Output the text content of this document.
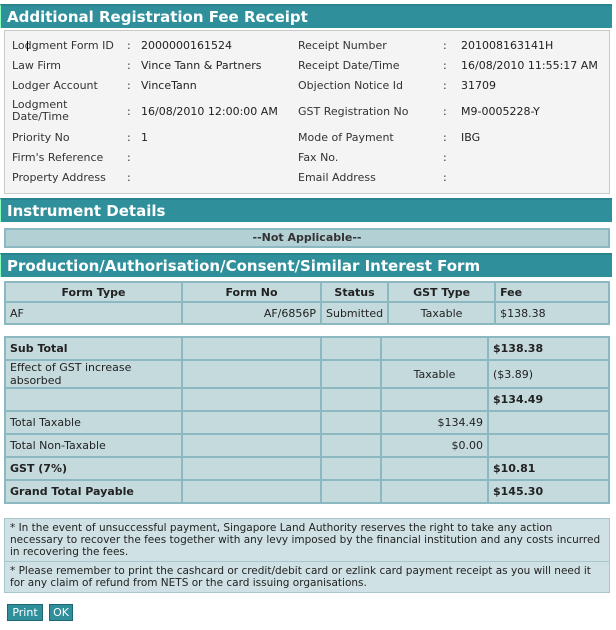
Additional Registration Fee Receipt
Lodgment Form ID : 2000000161524	Receipt Number	: 201008163141H
Law Firm	: Vince Tann & Partners	Receipt Date/Time	: 16/08/2010 11:55:17 AM
Lodger Account	: VinceTann	Objection Notice Id	: 31709
Lodgment Date/Time	: 16/08/2010 12:00:00 AM GST Registration No	: M9-0005228-Y
Priority No	: 1	Mode of Payment	: IBG
Firm's Reference :	Fax No.	:
Property Address :	Email Address	:
Instrument Details
--Not Applicable--
Production/Authorisation/Consent/Similar Interest Form
Form Type	Form No	Status	GST Type	Fee
AF	AF/6856P	Submitted	Taxable	$138.38
Sub Total				$138.38
Effect of GST increase absorbed			Taxable	($3.89)
				$134.49
Total Taxable			$134.49	
Total Non-Taxable			$0.00	
GST (7%)				$10.81
Grand Total Payable				$145.30
* In the event of unsuccessful payment, Singapore Land Authority reserves the right to take any action necessary to recover the fees together with any levy imposed by the financial institution and any costs incurred in recovering the fees.
* Please remember to print the cashcard or credit/debit card or ezlink card payment receipt as you will need it for any claim of refund from NETS or the card issuing organisations.
Print	OK
